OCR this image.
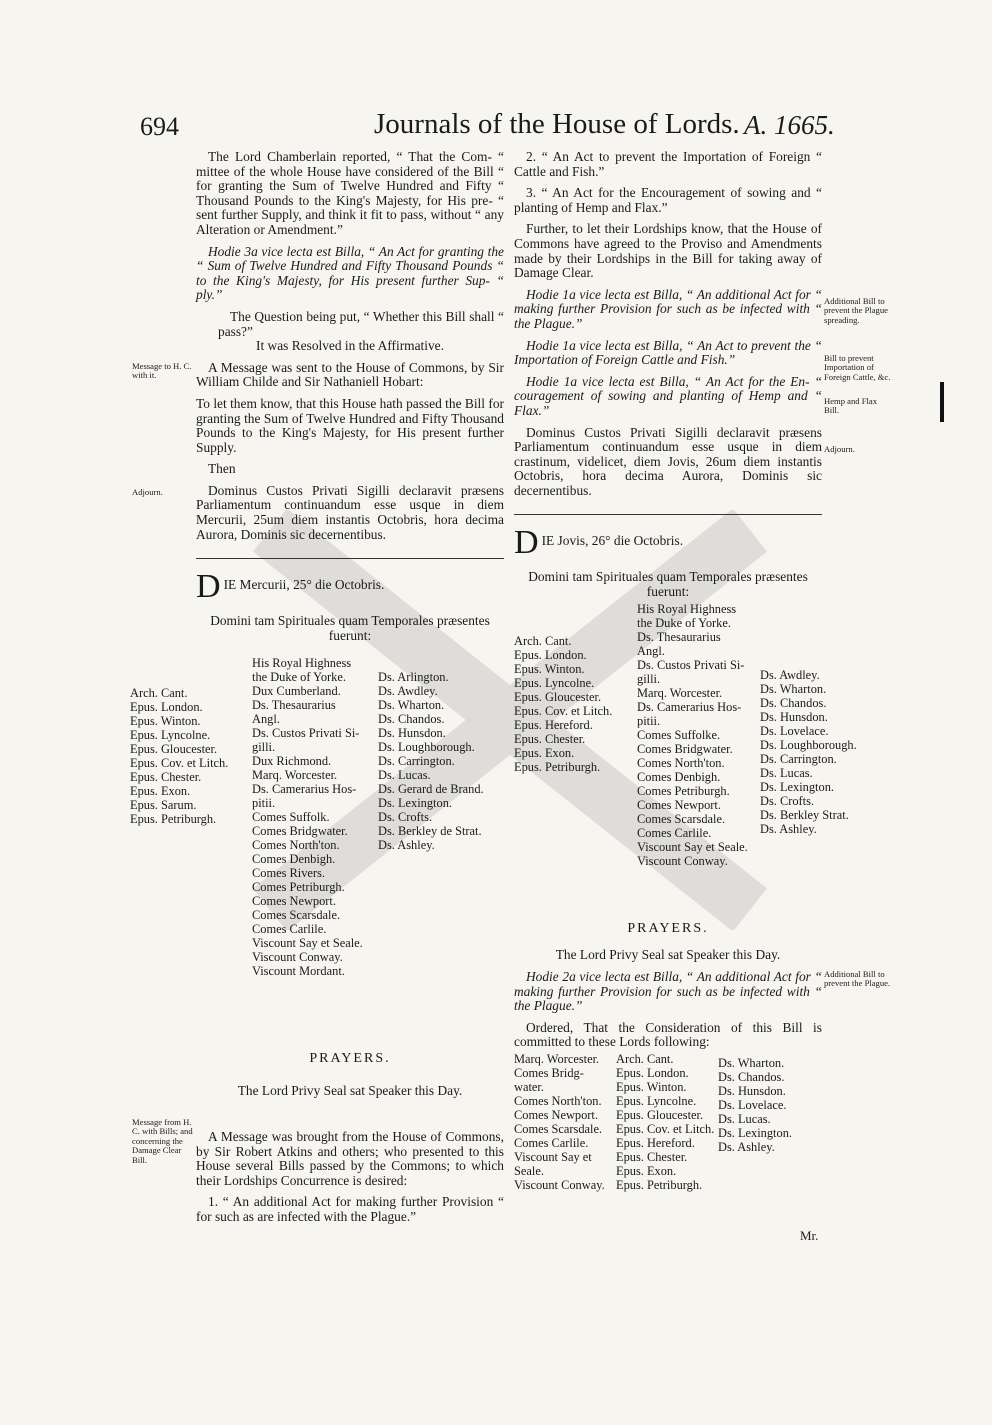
694	Journals of the House of Lords. A. 1665.
Message to H. C. with it.
Adjourn.
Message from H. C. with Bills; and concerning the Damage Clear Bill.

The Lord Chamberlain reported, “ That the Com- “ mittee of the whole House have considered of the Bill “ for granting the Sum of Twelve Hundred and Fifty “ Thousand Pounds to the King's Majesty, for His pre- “ sent further Supply, and think it fit to pass, without “ any Alteration or Amendment.”

Hodie 3a vice lecta est Billa, “ An Act for granting the “ Sum of Twelve Hundred and Fifty Thousand Pounds “ to the King's Majesty, for His present further Sup- “ ply.”

The Question being put, “ Whether this Bill shall “ pass?”

It was Resolved in the Affirmative.

A Message was sent to the House of Commons, by Sir William Childe and Sir Nathaniell Hobart:

To let them know, that this House hath passed the Bill for granting the Sum of Twelve Hundred and Fifty Thousand Pounds to the King's Majesty, for His present further Supply.

Then

Dominus Custos Privati Sigilli declaravit præsens Parliamentum continuandum esse usque in diem Mercurii, 25um diem instantis Octobris, hora decima Aurora, Dominis sic decernentibus.

D IE Mercurii, 25° die Octobris.

Domini tam Spirituales quam Temporales præsentes fuerunt:

Arch. Cant.
Epus. London.
Epus. Winton.
Epus. Lyncolne.
Epus. Gloucester.
Epus. Cov. et Litch.
Epus. Chester.
Epus. Exon.
Epus. Sarum.
Epus. Petriburgh.
His Royal Highness
the Duke of Yorke.
Dux Cumberland.
Ds. Thesaurarius
Angl.
Ds. Custos Privati Si-
gilli.
Dux Richmond.
Marq. Worcester.
Ds. Camerarius Hos-
pitii.
Comes Suffolk.
Comes Bridgwater.
Comes North'ton.
Comes Denbigh.
Comes Rivers.
Comes Petriburgh.
Comes Newport.
Comes Scarsdale.
Comes Carlile.
Viscount Say et Seale.
Viscount Conway.
Viscount Mordant.
Ds. Arlington.
Ds. Awdley.
Ds. Wharton.
Ds. Chandos.
Ds. Hunsdon.
Ds. Loughborough.
Ds. Carrington.
Ds. Lucas.
Ds. Gerard de Brand.
Ds. Lexington.
Ds. Crofts.
Ds. Berkley de Strat.
Ds. Ashley.
PRAYERS.

The Lord Privy Seal sat Speaker this Day.

A Message was brought from the House of Commons, by Sir Robert Atkins and others; who presented to this House several Bills passed by the Commons; to which their Lordships Concurrence is desired:

1. “ An additional Act for making further Provision “ for such as are infected with the Plague.”

2. “ An Act to prevent the Importation of Foreign “ Cattle and Fish.”

3. “ An Act for the Encouragement of sowing and “ planting of Hemp and Flax.”

Further, to let their Lordships know, that the House of Commons have agreed to the Proviso and Amendments made by their Lordships in the Bill for taking away of Damage Clear.

Hodie 1a vice lecta est Billa, “ An additional Act for “ making further Provision for such as be infected with “ the Plague.”

Hodie 1a vice lecta est Billa, “ An Act to prevent the “ Importation of Foreign Cattle and Fish.”

Hodie 1a vice lecta est Billa, “ An Act for the En- “ couragement of sowing and planting of Hemp and “ Flax.”

Dominus Custos Privati Sigilli declaravit præsens Parliamentum continuandum esse usque in diem crastinum, videlicet, diem Jovis, 26um diem instantis Octobris, hora decima Aurora, Dominis sic decernentibus.

Additional Bill to prevent the Plague spreading.
Bill to prevent Importation of Foreign Cattle, &c.
Hemp and Flax Bill.
Adjourn.
Additional Bill to prevent the Plague.
D IE Jovis, 26° die Octobris.

Domini tam Spirituales quam Temporales præsentes fuerunt:

Arch. Cant.
Epus. London.
Epus. Winton.
Epus. Lyncolne.
Epus. Gloucester.
Epus. Cov. et Litch.
Epus. Hereford.
Epus. Chester.
Epus. Exon.
Epus. Petriburgh.
His Royal Highness
the Duke of Yorke.
Ds. Thesaurarius
Angl.
Ds. Custos Privati Si-
gilli.
Marq. Worcester.
Ds. Camerarius Hos-
pitii.
Comes Suffolke.
Comes Bridgwater.
Comes North'ton.
Comes Denbigh.
Comes Petriburgh.
Comes Newport.
Comes Scarsdale.
Comes Carlile.
Viscount Say et Seale.
Viscount Conway.
Ds. Awdley.
Ds. Wharton.
Ds. Chandos.
Ds. Hunsdon.
Ds. Lovelace.
Ds. Loughborough.
Ds. Carrington.
Ds. Lucas.
Ds. Lexington.
Ds. Crofts.
Ds. Berkley Strat.
Ds. Ashley.
PRAYERS.

The Lord Privy Seal sat Speaker this Day.

Hodie 2a vice lecta est Billa, “ An additional Act for “ making further Provision for such as be infected with “ the Plague.”

Ordered, That the Consideration of this Bill is committed to these Lords following:

Marq. Worcester.
Comes Bridg-
water.
Comes North'ton.
Comes Newport.
Comes Scarsdale.
Comes Carlile.
Viscount Say et
Seale.
Viscount Conway.
Arch. Cant.
Epus. London.
Epus. Winton.
Epus. Lyncolne.
Epus. Gloucester.
Epus. Cov. et Litch.
Epus. Hereford.
Epus. Chester.
Epus. Exon.
Epus. Petriburgh.
Ds. Wharton.
Ds. Chandos.
Ds. Hunsdon.
Ds. Lovelace.
Ds. Lucas.
Ds. Lexington.
Ds. Ashley.
Mr.
